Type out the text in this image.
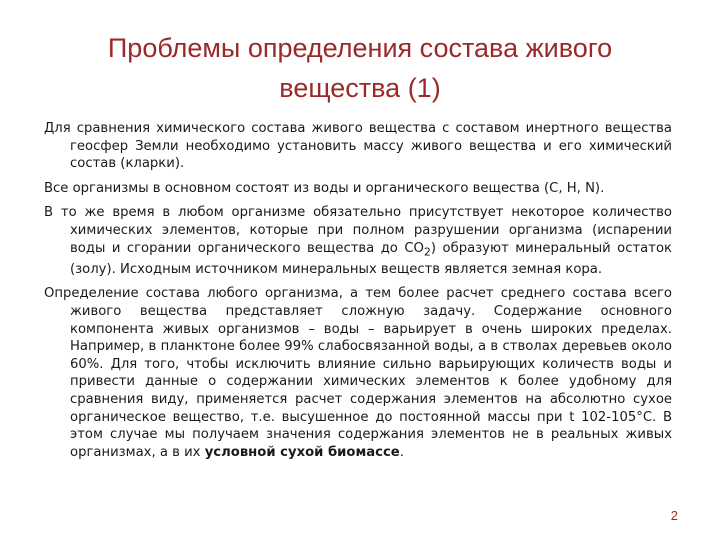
Проблемы определения состава живого вещества (1)

Для сравнения химического состава живого вещества с составом инертного вещества геосфер Земли необходимо установить массу живого вещества и его химический состав (кларки).

Все организмы в основном состоят из воды и органического вещества (C, H, N).

В то же время в любом организме обязательно присутствует некоторое количество химических элементов, которые при полном разрушении организма (испарении воды и сгорании органического вещества до $CO_2$) образуют минеральный остаток (золу). Исходным источником минеральных веществ является земная кора.

Определение состава любого организма, а тем более расчет среднего состава всего живого вещества представляет сложную задачу. Содержание основного компонента живых организмов – воды – варьирует в очень широких пределах. Например, в планктоне более 99% слабосвязанной воды, а в стволах деревьев около 60%. Для того, чтобы исключить влияние сильно варьирующих количеств воды и привести данные о содержании химических элементов к более удобному для сравнения виду, применяется расчет содержания элементов на абсолютно сухое органическое вещество, т.е. высушенное до постоянной массы при t 102-105°С. В этом случае мы получаем значения содержания элементов не в реальных живых организмах, а в их условной сухой биомассе.

2
